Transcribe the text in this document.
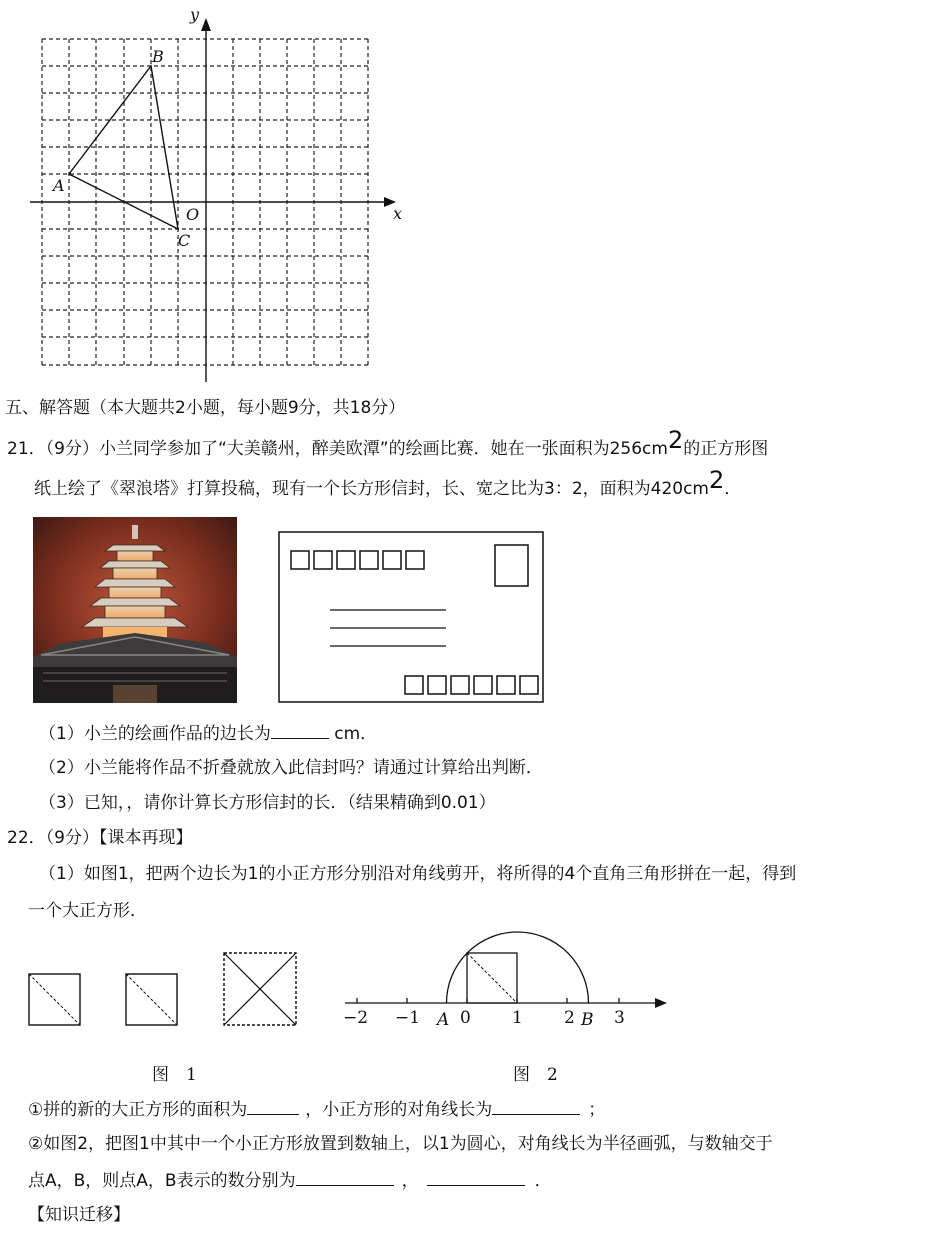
x
y
O
A
B
C
五、解答题（本大题共2小题，每小题9分，共18分）
21．（9分）小兰同学参加了“大美赣州，醉美欧潭”的绘画比赛．她在一张面积为256cm2的正方形图
纸上绘了《翠浪塔》打算投稿，现有一个长方形信封，长、宽之比为3：2，面积为420cm2．
（1）小兰的绘画作品的边长为	cm．
（2）小兰能将作品不折叠就放入此信封吗？请通过计算给出判断．
（3）已知，，请你计算长方形信封的长．（结果精确到0.01）
22．（9分）【课本再现】
（1）如图1，把两个边长为1的小正方形分别沿对角线剪开，将所得的4个直角三角形拼在一起，得到
一个大正方形．
−2 −1 A 0 1 2 B 3
图　1	图　2
①拼的新的大正方形的面积为	，小正方形的对角线长为	；
②如图2，把图1中其中一个小正方形放置到数轴上，以1为圆心，对角线长为半径画弧，与数轴交于
点A，B，则点A，B表示的数分别为	，	．
【知识迁移】
